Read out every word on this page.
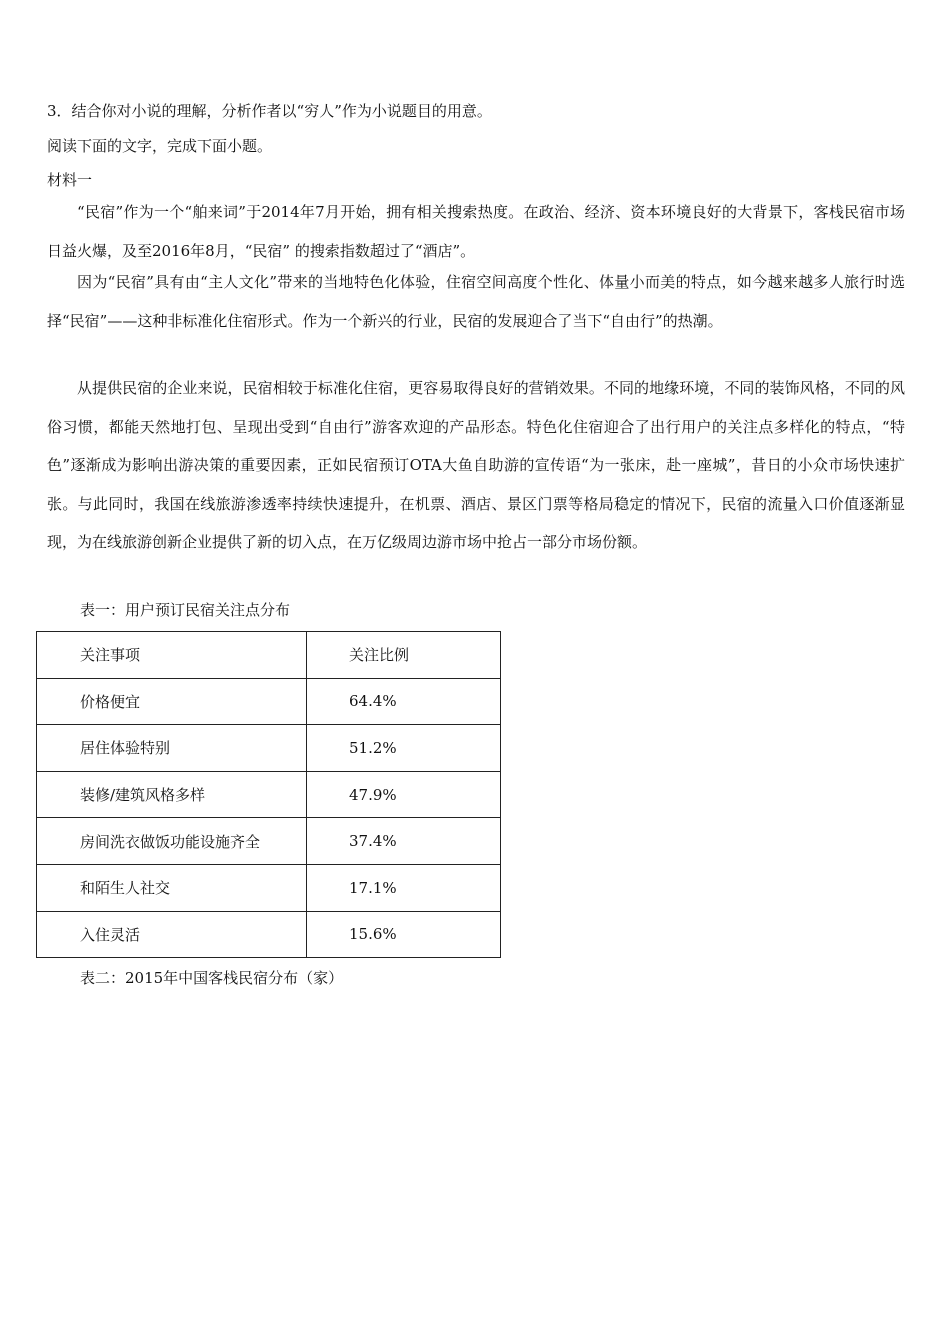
3．结合你对小说的理解，分析作者以“穷人”作为小说题目的用意。
阅读下面的文字，完成下面小题。
材料一
“民宿”作为一个“舶来词”于2014年7月开始，拥有相关搜索热度。在政治、经济、资本环境良好的大背景下，客栈民宿市场日益火爆，及至2016年8月，“民宿” 的搜索指数超过了“酒店”。
因为“民宿”具有由“主人文化”带来的当地特色化体验，住宿空间高度个性化、体量小而美的特点，如今越来越多人旅行时选择“民宿”——这种非标准化住宿形式。作为一个新兴的行业，民宿的发展迎合了当下“自由行”的热潮。
从提供民宿的企业来说，民宿相较于标准化住宿，更容易取得良好的营销效果。不同的地缘环境，不同的装饰风格，不同的风俗习惯，都能天然地打包、呈现出受到“自由行”游客欢迎的产品形态。特色化住宿迎合了出行用户的关注点多样化的特点，“特色”逐渐成为影响出游决策的重要因素，正如民宿预订OTA大鱼自助游的宣传语“为一张床，赴一座城”，昔日的小众市场快速扩张。与此同时，我国在线旅游渗透率持续快速提升，在机票、酒店、景区门票等格局稳定的情况下，民宿的流量入口价值逐渐显现，为在线旅游创新企业提供了新的切入点，在万亿级周边游市场中抢占一部分市场份额。
表一：用户预订民宿关注点分布
关注事项	关注比例
价格便宜	64.4%
居住体验特别	51.2%
装修/建筑风格多样	47.9%
房间洗衣做饭功能设施齐全	37.4%
和陌生人社交	17.1%
入住灵活	15.6%
表二：2015年中国客栈民宿分布（家）
